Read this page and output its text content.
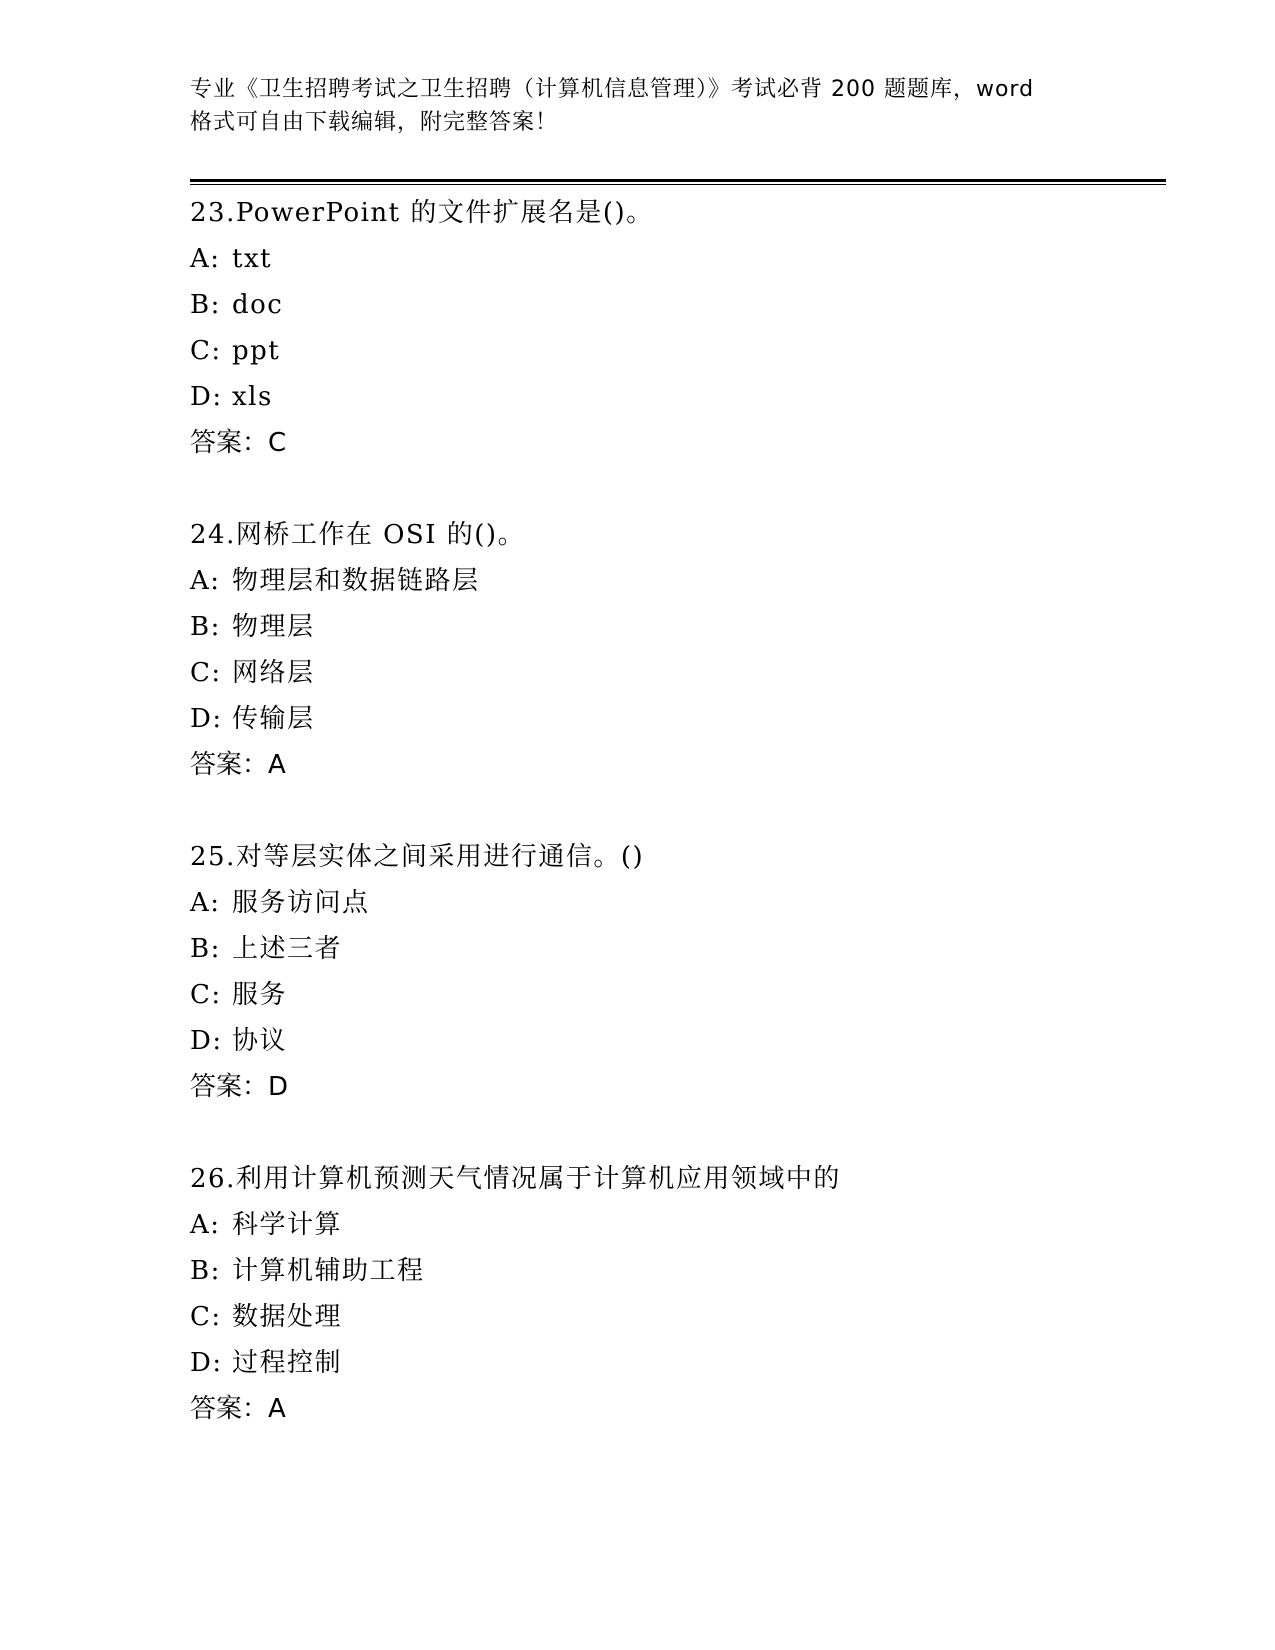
专业《卫生招聘考试之卫生招聘（计算机信息管理）》考试必背 200 题题库，word
格式可自由下载编辑，附完整答案！
23.PowerPoint 的文件扩展名是()。
A: txt
B: doc
C: ppt
D: xls
答案：C
24.网桥工作在 OSI 的()。
A: 物理层和数据链路层
B: 物理层
C: 网络层
D: 传输层
答案：A
25.对等层实体之间采用进行通信。()
A: 服务访问点
B: 上述三者
C: 服务
D: 协议
答案：D
26.利用计算机预测天气情况属于计算机应用领域中的
A: 科学计算
B: 计算机辅助工程
C: 数据处理
D: 过程控制
答案：A
